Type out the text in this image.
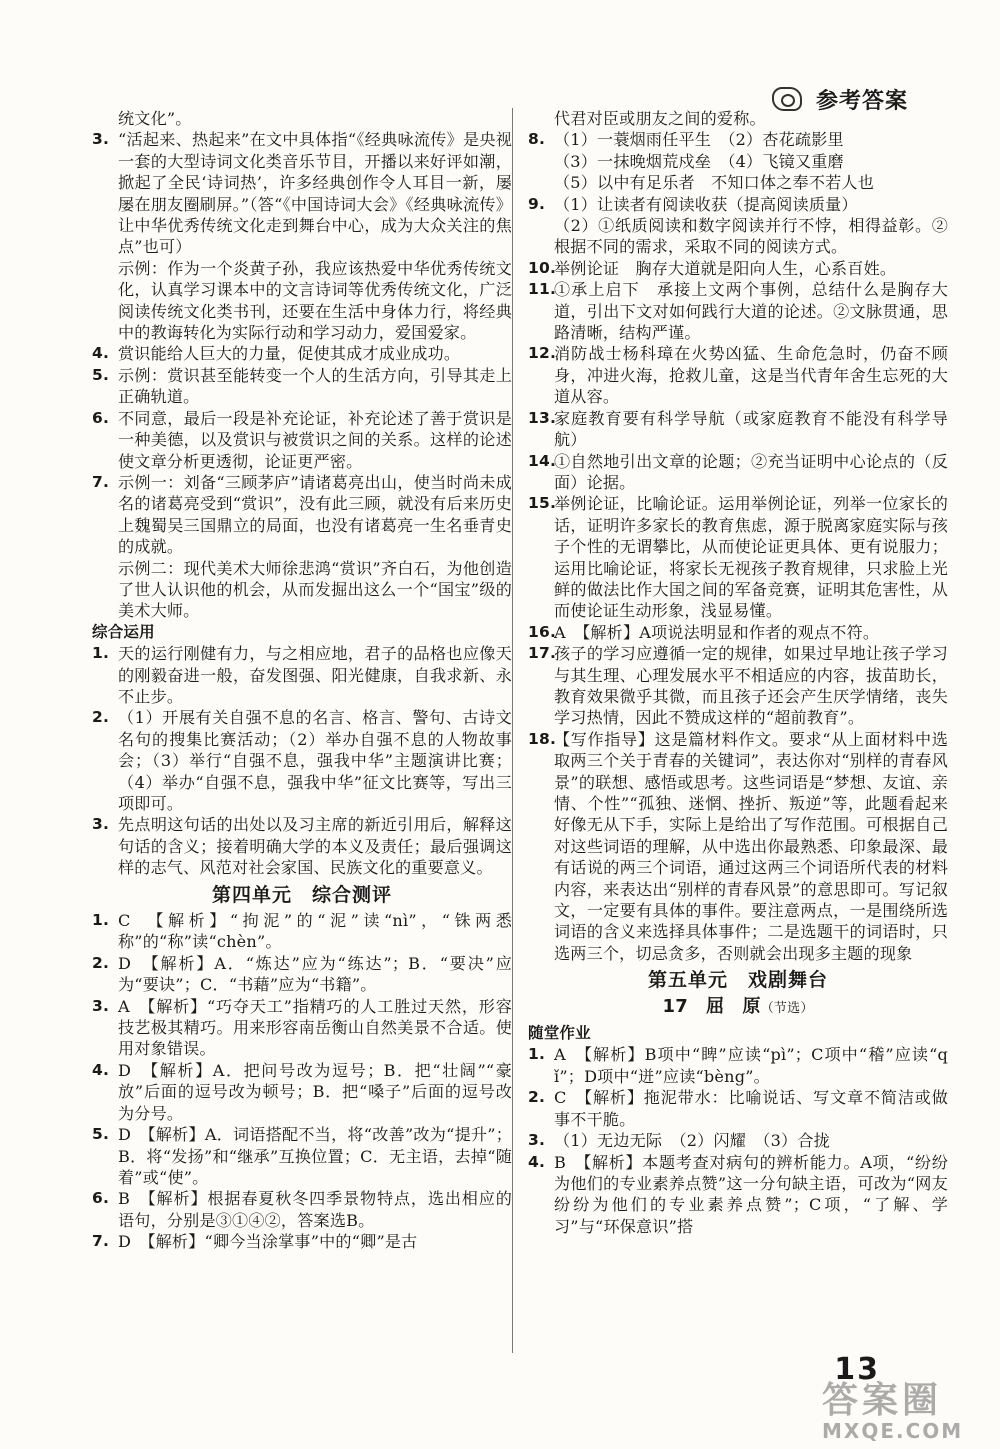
参考答案
统文化”。
3. “活起来、热起来”在文中具体指“《经典咏流传》是央视一套的大型诗词文化类音乐节目，开播以来好评如潮，掀起了全民‘诗词热’，许多经典创作令人耳目一新，屡屡在朋友圈刷屏。”（答“《中国诗词大会》《经典咏流传》让中华优秀传统文化走到舞台中心，成为大众关注的焦点”也可）
示例：作为一个炎黄子孙，我应该热爱中华优秀传统文化，认真学习课本中的文言诗词等优秀传统文化，广泛阅读传统文化类书刊，还要在生活中身体力行，将经典中的教诲转化为实际行动和学习动力，爱国爱家。
4. 赏识能给人巨大的力量，促使其成才成业成功。
5. 示例：赏识甚至能转变一个人的生活方向，引导其走上正确轨道。
6. 不同意，最后一段是补充论证，补充论述了善于赏识是一种美德，以及赏识与被赏识之间的关系。这样的论述使文章分析更透彻，论证更严密。
7. 示例一：刘备“三顾茅庐”请诸葛亮出山，使当时尚未成名的诸葛亮受到“赏识”，没有此三顾，就没有后来历史上魏蜀吴三国鼎立的局面，也没有诸葛亮一生名垂青史的成就。
示例二：现代美术大师徐悲鸿“赏识”齐白石，为他创造了世人认识他的机会，从而发掘出这么一个“国宝”级的美术大师。
综合运用
1. 天的运行刚健有力，与之相应地，君子的品格也应像天的刚毅奋进一般，奋发图强、阳光健康，自我求新、永不止步。
2. （1）开展有关自强不息的名言、格言、警句、古诗文名句的搜集比赛活动；（2）举办自强不息的人物故事会；（3）举行“自强不息，强我中华”主题演讲比赛；（4）举办“自强不息，强我中华”征文比赛等，写出三项即可。
3. 先点明这句话的出处以及习主席的新近引用后，解释这句话的含义；接着明确大学的本义及责任；最后强调这样的志气、风范对社会家国、民族文化的重要意义。
第四单元　综合测评
1. C　【解析】“拘泥”的“泥”读“nì”，“铢两悉称”的“称”读“chèn”。
2. D　【解析】A．“炼达”应为“练达”；B．“要决”应为“要诀”；C．“书藉”应为“书籍”。
3. A　【解析】“巧夺天工”指精巧的人工胜过天然，形容技艺极其精巧。用来形容南岳衡山自然美景不合适。使用对象错误。
4. D　【解析】A．把问号改为逗号；B．把“壮阔”“豪放”后面的逗号改为顿号；B．把“嗓子”后面的逗号改为分号。
5. D　【解析】A．词语搭配不当，将“改善”改为“提升”；B．将“发扬”和“继承”互换位置；C．无主语，去掉“随着”或“使”。
6. B　【解析】根据春夏秋冬四季景物特点，选出相应的语句，分别是③①④②，答案选B。
7. D　【解析】“卿今当涂掌事”中的“卿”是古
代君对臣或朋友之间的爱称。
8. （1）一蓑烟雨任平生　（2）杏花疏影里
（3）一抹晚烟荒戍垒　（4）飞镜又重磨
（5）以中有足乐者　不知口体之奉不若人也
9. （1）让读者有阅读收获（提高阅读质量）
（2）①纸质阅读和数字阅读并行不悖，相得益彰。②根据不同的需求，采取不同的阅读方式。
10.
举例论证　胸存大道就是阳向人生，心系百姓。
11.
①承上启下　承接上文两个事例，总结什么是胸存大道，引出下文对如何践行大道的论述。②文脉贯通，思路清晰，结构严谨。
12.
消防战士杨科璋在火势凶猛、生命危急时，仍奋不顾身，冲进火海，抢救儿童，这是当代青年舍生忘死的大道从容。
13.
家庭教育要有科学导航（或家庭教育不能没有科学导航）
14.
①自然地引出文章的论题；②充当证明中心论点的（反面）论据。
15.
举例论证，比喻论证。运用举例论证，列举一位家长的话，证明许多家长的教育焦虑，源于脱离家庭实际与孩子个性的无谓攀比，从而使论证更具体、更有说服力；运用比喻论证，将家长无视孩子教育规律，只求脸上光鲜的做法比作大国之间的军备竞赛，证明其危害性，从而使论证生动形象，浅显易懂。
16.
A　【解析】A项说法明显和作者的观点不符。
17.
孩子的学习应遵循一定的规律，如果过早地让孩子学习与其生理、心理发展水平不相适应的内容，拔苗助长，教育效果微乎其微，而且孩子还会产生厌学情绪，丧失学习热情，因此不赞成这样的“超前教育”。
18.
【写作指导】这是篇材料作文。要求“从上面材料中选取两三个关于青春的关键词”，表达你对“别样的青春风景”的联想、感悟或思考。这些词语是“梦想、友谊、亲情、个性”“孤独、迷惘、挫折、叛逆”等，此题看起来好像无从下手，实际上是给出了写作范围。可根据自己对这些词语的理解，从中选出你最熟悉、印象最深、最有话说的两三个词语，通过这两三个词语所代表的材料内容，来表达出“别样的青春风景”的意思即可。写记叙文，一定要有具体的事件。要注意两点，一是围绕所选词语的含义来选择具体事件；二是选题干的词语时，只选两三个，切忌贪多，否则就会出现多主题的现象
第五单元　戏剧舞台
17　屈　原（节选）
随堂作业
1. A　【解析】B项中“睥”应读“pì”；C项中“稽”应读“qǐ”；D项中“迸”应读“bèng”。
2. C　【解析】拖泥带水：比喻说话、写文章不简洁或做事不干脆。
3. （1）无边无际　（2）闪耀　（3）合拢
4. B　【解析】本题考查对病句的辨析能力。A项，“纷纷为他们的专业素养点赞”这一分句缺主语，可改为“网友纷纷为他们的专业素养点赞”；C项，“了解、学习”与“环保意识”搭
13
答案圈
MXQE.COM
